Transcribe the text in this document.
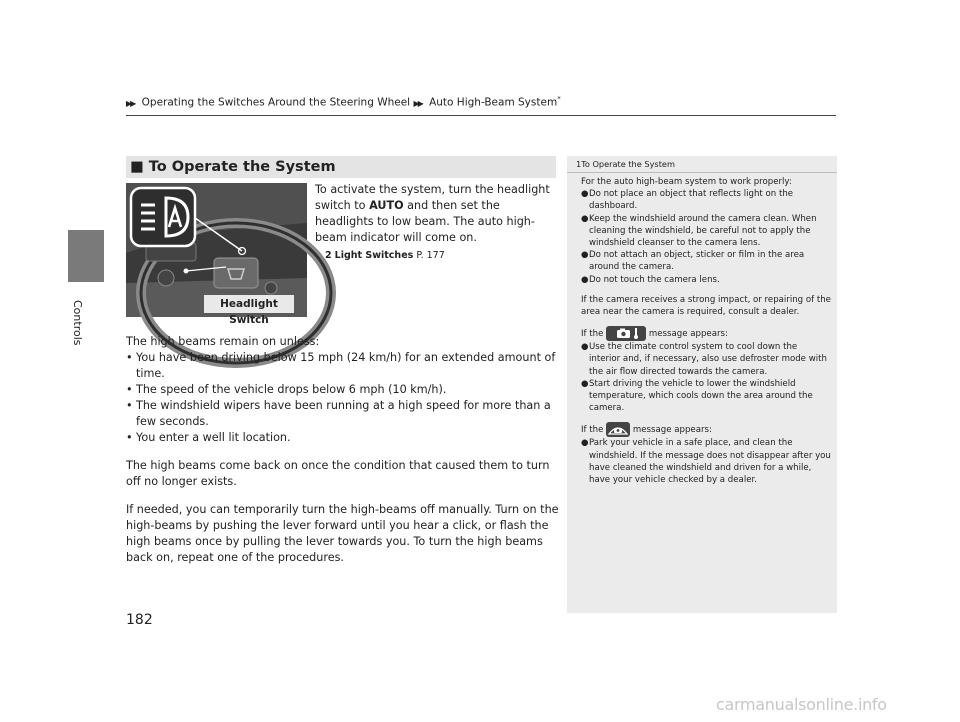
Controls
▶▶ Operating the Switches Around the Steering Wheel ▶▶ Auto High-Beam System*
■ To Operate the System
Headlight Switch
To activate the system, turn the headlight switch to AUTO and then set the headlights to low beam. The auto high-beam indicator will come on.
2 Light Switches P. 177

The high beams remain on unless:

• You have been driving below 15 mph (24 km/h) for an extended amount of time.
• The speed of the vehicle drops below 6 mph (10 km/h).
• The windshield wipers have been running at a high speed for more than a few seconds.
• You enter a well lit location.

The high beams come back on once the condition that caused them to turn off no longer exists.

If needed, you can temporarily turn the high-beams off manually. Turn on the high-beams by pushing the lever forward until you hear a click, or flash the high beams once by pulling the lever towards you. To turn the high beams back on, repeat one of the procedures.

1To Operate the System

For the auto high-beam system to work properly:

● Do not place an object that reflects light on the dashboard.
● Keep the windshield around the camera clean. When cleaning the windshield, be careful not to apply the windshield cleanser to the camera lens.
● Do not attach an object, sticker or film in the area around the camera.
● Do not touch the camera lens.

If the camera receives a strong impact, or repairing of the area near the camera is required, consult a dealer.

If the	message appears:
● Use the climate control system to cool down the interior and, if necessary, also use defroster mode with the air flow directed towards the camera.
● Start driving the vehicle to lower the windshield temperature, which cools down the area around the camera.
If the	message appears:
● Park your vehicle in a safe place, and clean the windshield. If the message does not disappear after you have cleaned the windshield and driven for a while, have your vehicle checked by a dealer.
182
carmanualsonline.info
